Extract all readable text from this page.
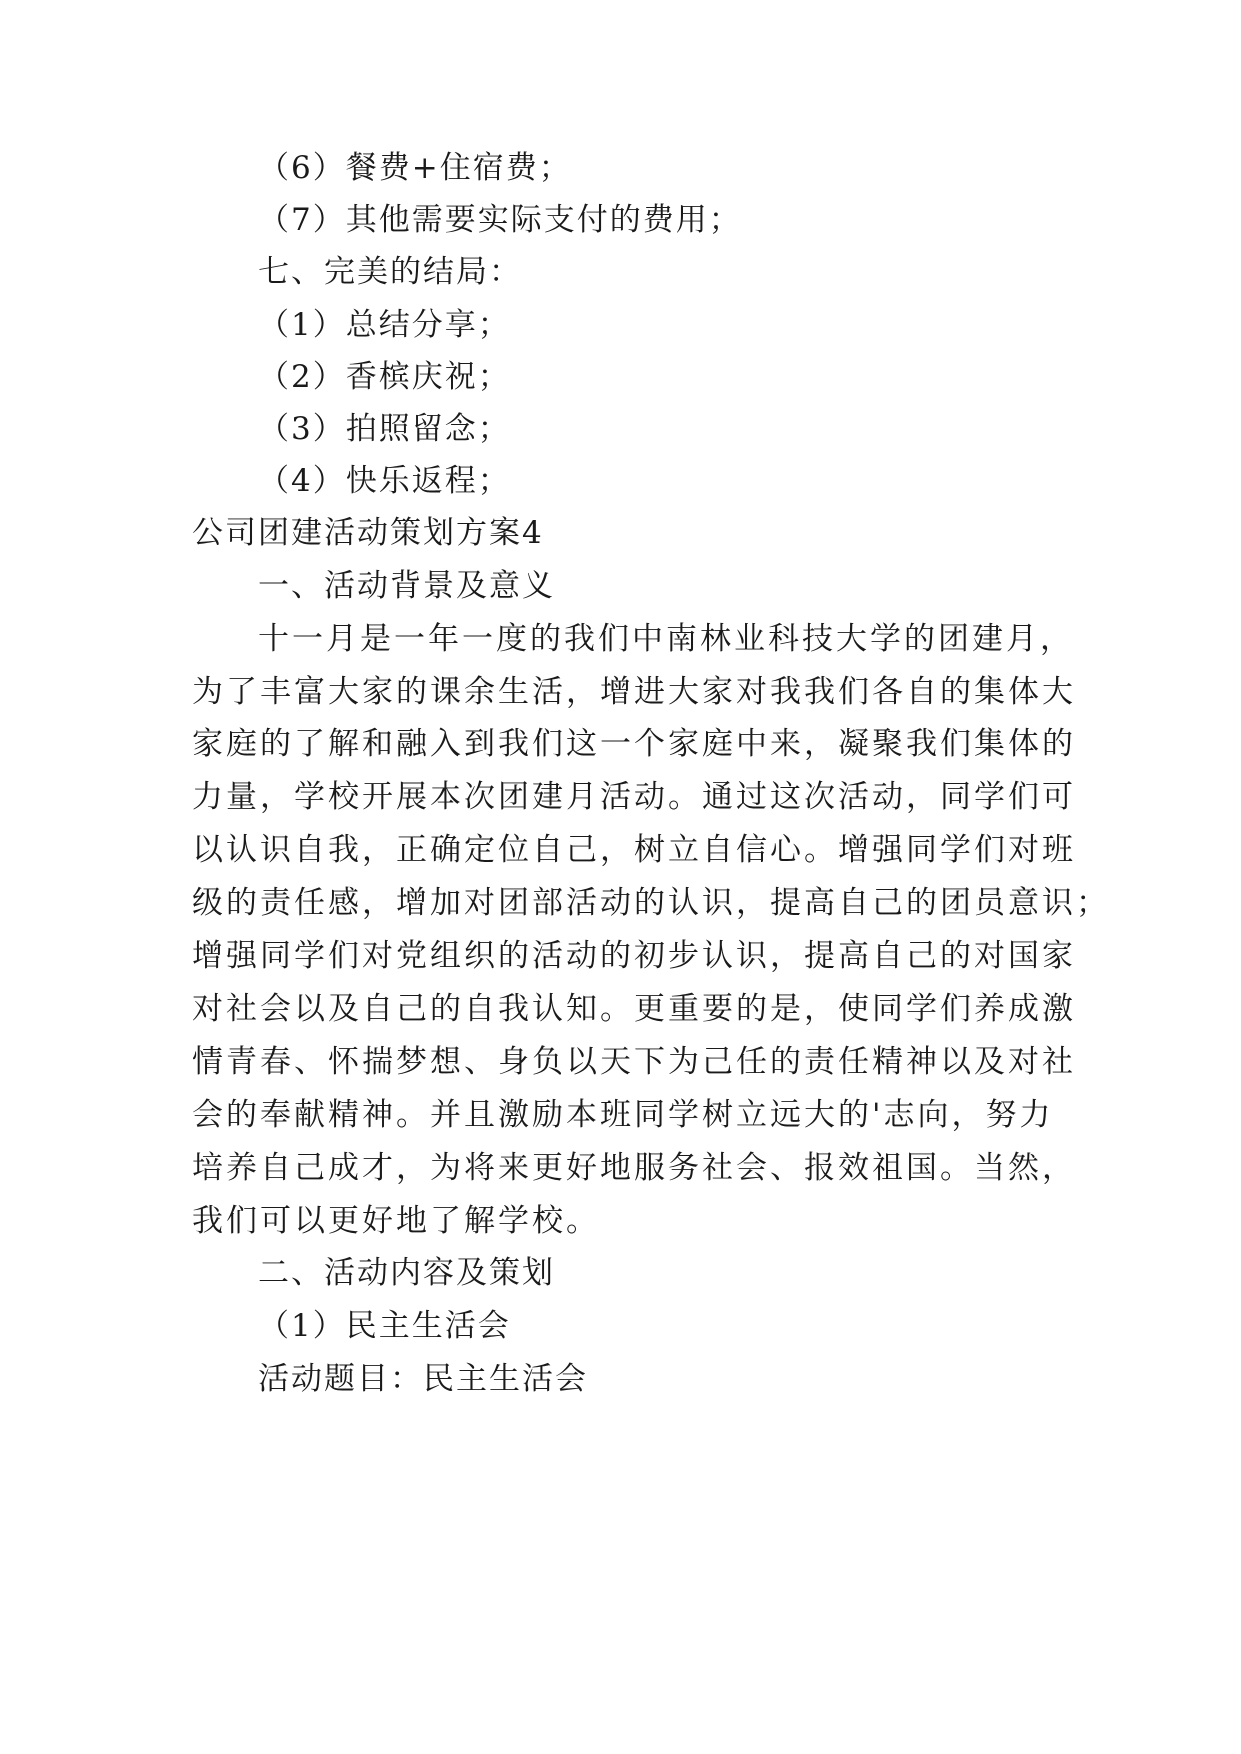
（6）餐费+住宿费；

（7）其他需要实际支付的费用；

七、完美的结局：

（1）总结分享；

（2）香槟庆祝；

（3）拍照留念；

（4）快乐返程；

公司团建活动策划方案4

一、活动背景及意义

十一月是一年一度的我们中南林业科技大学的团建月，

为了丰富大家的课余生活，增进大家对我我们各自的集体大

家庭的了解和融入到我们这一个家庭中来，凝聚我们集体的

力量，学校开展本次团建月活动。通过这次活动，同学们可

以认识自我，正确定位自己，树立自信心。增强同学们对班

级的责任感，增加对团部活动的认识，提高自己的团员意识；

增强同学们对党组织的活动的初步认识，提高自己的对国家

对社会以及自己的自我认知。更重要的是，使同学们养成激

情青春、怀揣梦想、身负以天下为己任的责任精神以及对社

会的奉献精神。并且激励本班同学树立远大的'志向，努力

培养自己成才，为将来更好地服务社会、报效祖国。当然，

我们可以更好地了解学校。

二、活动内容及策划

（1）民主生活会

活动题目：民主生活会
